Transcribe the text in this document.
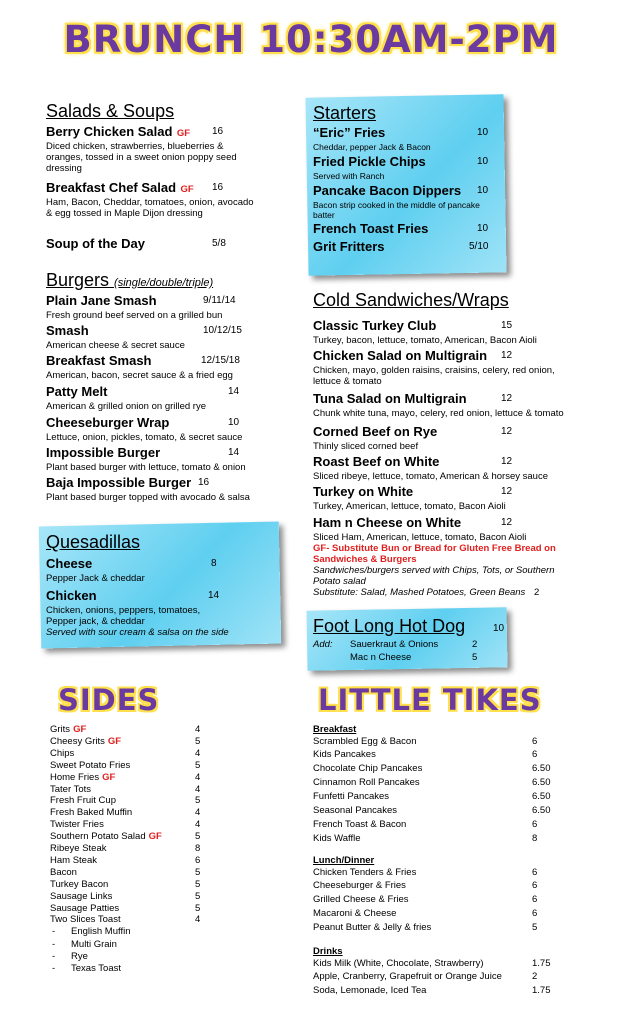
BRUNCH 10:30AM-2PM
Salads & Soups
Berry Chicken Salad GF 16
Diced chicken, strawberries, blueberries & oranges, tossed in a sweet onion poppy seed dressing
Breakfast Chef Salad GF 16
Ham, Bacon, Cheddar, tomatoes, onion, avocado & egg tossed in Maple Dijon dressing
Soup of the Day	5/8
Burgers (single/double/triple)
Plain Jane Smash	9/11/14
Fresh ground beef served on a grilled bun
Smash	10/12/15
American cheese & secret sauce
Breakfast Smash	12/15/18
American, bacon, secret sauce & a fried egg
Patty Melt	14
American & grilled onion on grilled rye
Cheeseburger Wrap	10
Lettuce, onion, pickles, tomato, & secret sauce
Impossible Burger	14
Plant based burger with lettuce, tomato & onion
Baja Impossible Burger 16
Plant based burger topped with avocado & salsa
Quesadillas
Cheese	8
Pepper Jack & cheddar
Chicken	14
Chicken, onions, peppers, tomatoes, Pepper jack, & cheddar
Served with sour cream & salsa on the side
Starters
“Eric” Fries	10
Cheddar, pepper Jack & Bacon
Fried Pickle Chips	10
Served with Ranch
Pancake Bacon Dippers 10
Bacon strip cooked in the middle of pancake batter
French Toast Fries	10
Grit Fritters	5/10
Cold Sandwiches/Wraps
Classic Turkey Club	15
Turkey, bacon, lettuce, tomato, American, Bacon Aioli
Chicken Salad on Multigrain 12
Chicken, mayo, golden raisins, craisins, celery, red onion, lettuce & tomato
Tuna Salad on Multigrain	12
Chunk white tuna, mayo, celery, red onion, lettuce & tomato
Corned Beef on Rye	12
Thinly sliced corned beef
Roast Beef on White	12
Sliced ribeye, lettuce, tomato, American & horsey sauce
Turkey on White	12
Turkey, American, lettuce, tomato, Bacon Aioli
Ham n Cheese on White	12
Sliced Ham, American, lettuce, tomato, Bacon Aioli
GF- Substitute Bun or Bread for Gluten Free Bread on Sandwiches & Burgers
Sandwiches/burgers served with Chips, Tots, or Southern Potato salad
Substitute: Salad, Mashed Potatoes, Green Beans 2
Foot Long Hot Dog	10
Add: Sauerkraut & Onions	2
Mac n Cheese	5
SIDES
Grits GF	4
Cheesy Grits GF	5
Chips	4
Sweet Potato Fries	5
Home Fries GF	4
Tater Tots	4
Fresh Fruit Cup	5
Fresh Baked Muffin	4
Twister Fries	4
Southern Potato Salad GF	5
Ribeye Steak	8
Ham Steak	6
Bacon	5
Turkey Bacon	5
Sausage Links	5
Sausage Patties	5
Two Slices Toast	4
- English Muffin
- Multi Grain
- Rye
- Texas Toast
LITTLE TIKES
Breakfast
Scrambled Egg & Bacon	6
Kids Pancakes	6
Chocolate Chip Pancakes	6.50
Cinnamon Roll Pancakes	6.50
Funfetti Pancakes	6.50
Seasonal Pancakes	6.50
French Toast & Bacon	6
Kids Waffle	8
Lunch/Dinner
Chicken Tenders & Fries	6
Cheeseburger & Fries	6
Grilled Cheese & Fries	6
Macaroni & Cheese	6
Peanut Butter & Jelly & fries	5
Drinks
Kids Milk (White, Chocolate, Strawberry)	1.75
Apple, Cranberry, Grapefruit or Orange Juice	2
Soda, Lemonade, Iced Tea	1.75
